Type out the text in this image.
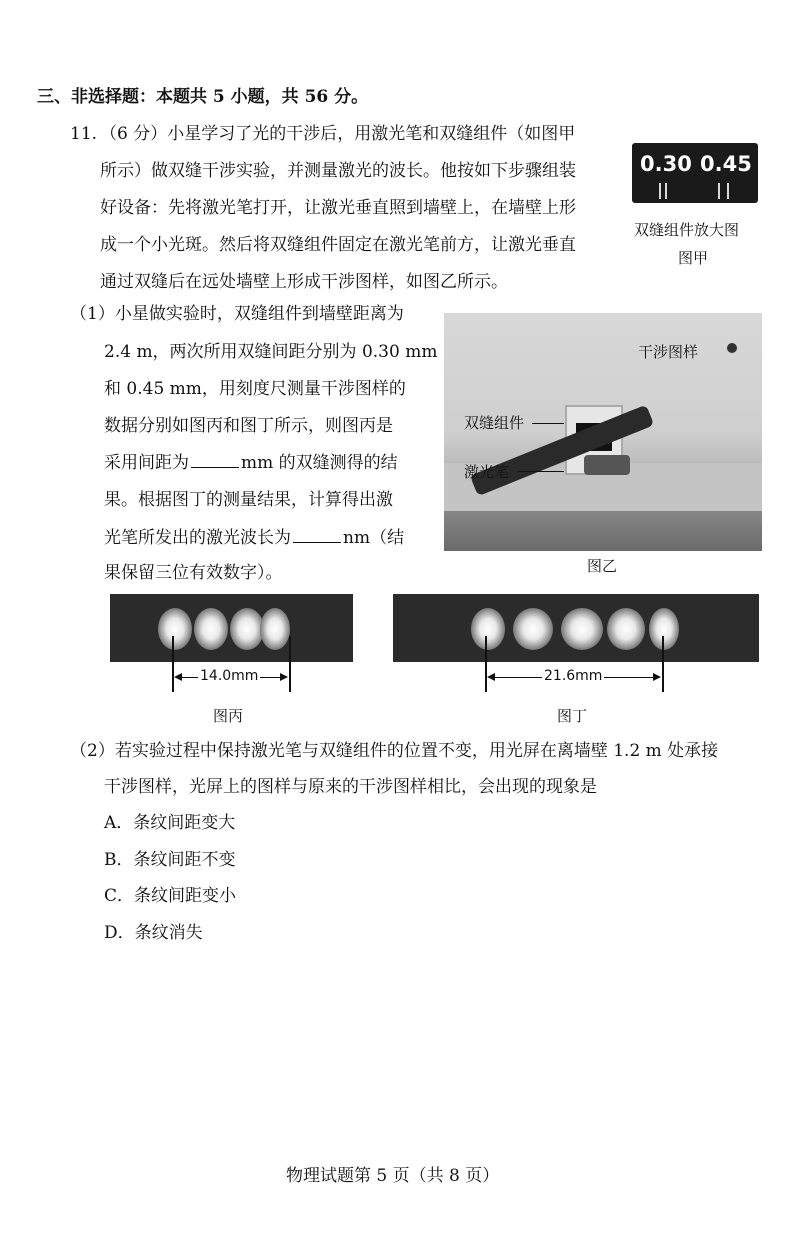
三、非选择题：本题共 5 小题，共 56 分。
11. （6 分）小星学习了光的干涉后，用激光笔和双缝组件（如图甲
所示）做双缝干涉实验，并测量激光的波长。他按如下步骤组装
好设备：先将激光笔打开，让激光垂直照到墙壁上，在墙壁上形
成一个小光斑。然后将双缝组件固定在激光笔前方，让激光垂直
通过双缝后在远处墙壁上形成干涉图样，如图乙所示。
0.30 0.45
双缝组件放大图
图甲
（1）小星做实验时，双缝组件到墙壁距离为
2.4 m，两次所用双缝间距分别为 0.30 mm
和 0.45 mm，用刻度尺测量干涉图样的
数据分别如图丙和图丁所示，则图丙是
采用间距为	mm 的双缝测得的结
果。根据图丁的测量结果，计算得出激
光笔所发出的激光波长为	nm（结
果保留三位有效数字）。
干涉图样
双缝组件
激光笔
图乙
14.0mm
图丙
21.6mm
图丁
（2）若实验过程中保持激光笔与双缝组件的位置不变，用光屏在离墙壁 1.2 m 处承接
干涉图样，光屏上的图样与原来的干涉图样相比，会出现的现象是
A．条纹间距变大
B．条纹间距不变
C．条纹间距变小
D．条纹消失
物理试题第 5 页（共 8 页）
